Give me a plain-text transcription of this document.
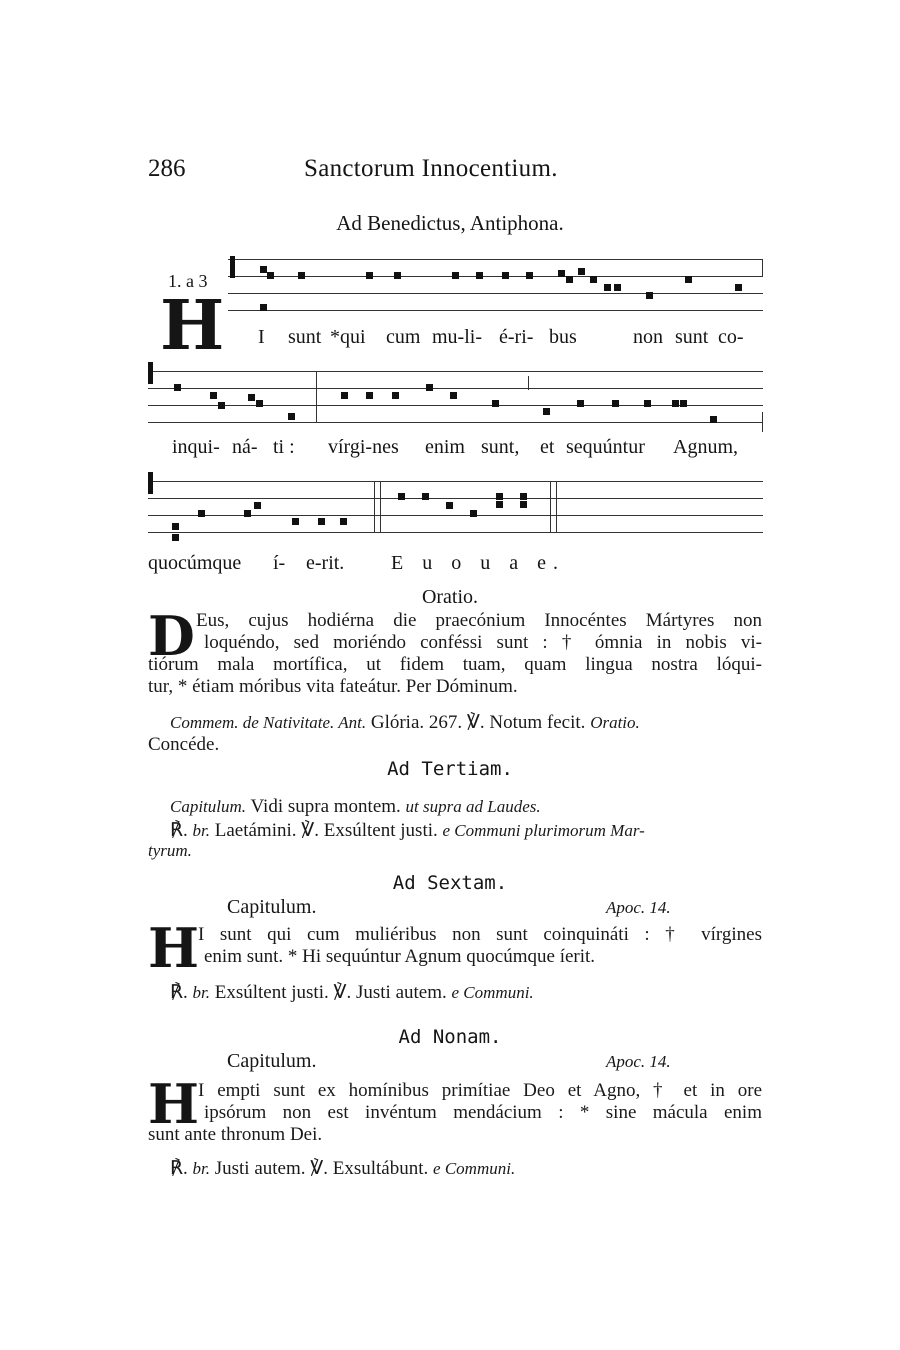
286	Sanctorum Innocentium.
Ad Benedictus, Antiphona.
1. a 3
H I sunt *qui cum mu-li- é-ri- bus	non sunt co-
inqui- ná- ti : vírgi-nes enim sunt, et sequúntur Agnum,
quocúmque í- e-rit. E u o u a e.
Oratio.
D Eus, cujus hodiérna die praecónium Innocéntes Mártyres non
loquéndo, sed moriéndo conféssi sunt : † ómnia in nobis vi-
tiórum mala mortífica, ut fidem tuam, quam lingua nostra lóqui-
tur, * étiam móribus vita fateátur. Per Dóminum.
Commem. de Nativitate. Ant. Glória. 267. ℣. Notum fecit. Oratio.
Concéde.
Ad Tertiam.
Capitulum. Vidi supra montem. ut supra ad Laudes.
℟. br. Laetámini. ℣. Exsúltent justi. e Communi plurimorum Mar-
tyrum.
Ad Sextam.
Capitulum.	Apoc. 14.
H
I sunt qui cum muliéribus non sunt coinquináti : † vírgines
enim sunt. * Hi sequúntur Agnum quocúmque íerit.
℟. br. Exsúltent justi. ℣. Justi autem. e Communi.
Ad Nonam.
Capitulum.	Apoc. 14.
H
I empti sunt ex homínibus primítiae Deo et Agno, † et in ore
ipsórum non est invéntum mendácium : * sine mácula enim
sunt ante thronum Dei.
℟. br. Justi autem. ℣. Exsultábunt. e Communi.
